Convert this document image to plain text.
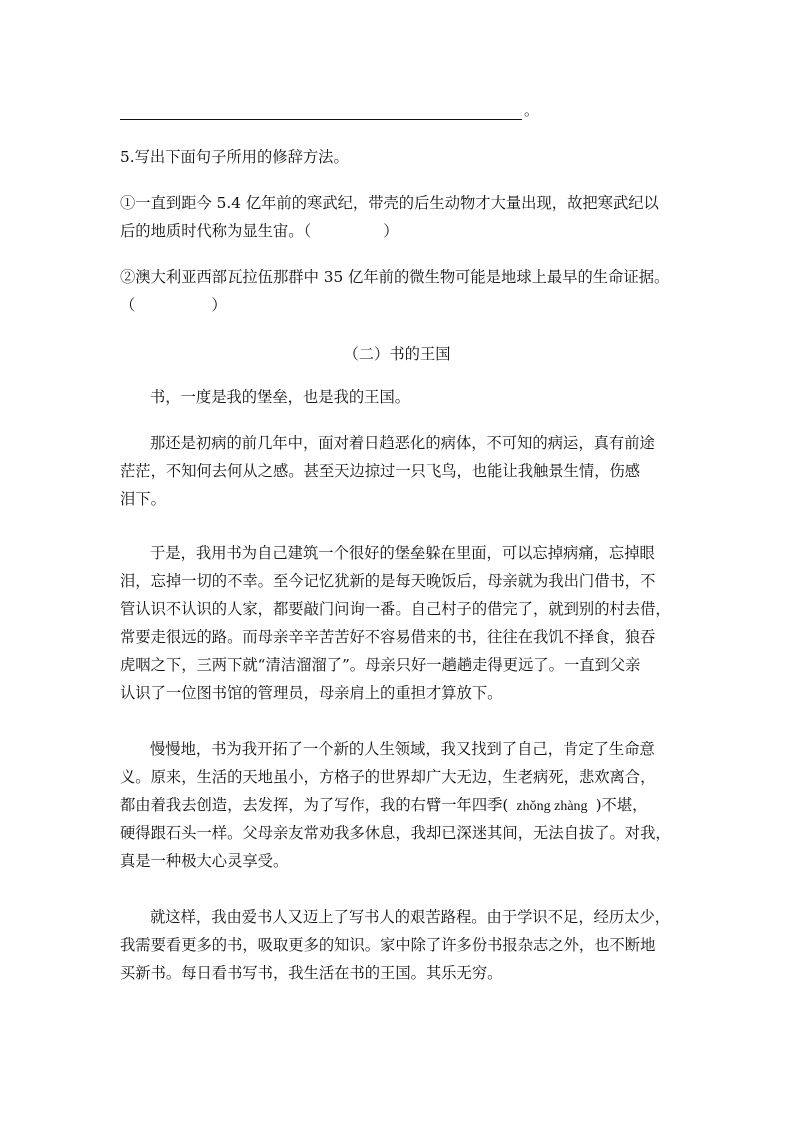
。
5.写出下面句子所用的修辞方法。
①一直到距今 5.4 亿年前的寒武纪，带壳的后生动物才大量出现，故把寒武纪以
后的地质时代称为显生宙。（	）
②澳大利亚西部瓦拉伍那群中 35 亿年前的微生物可能是地球上最早的生命证据。
（	）
（二）书的王国
书，一度是我的堡垒，也是我的王国。
那还是初病的前几年中，面对着日趋恶化的病体，不可知的病运，真有前途
茫茫，不知何去何从之感。甚至天边掠过一只飞鸟，也能让我触景生情，伤感
泪下。
于是，我用书为自己建筑一个很好的堡垒躲在里面，可以忘掉病痛，忘掉眼
泪，忘掉一切的不幸。至今记忆犹新的是每天晚饭后，母亲就为我出门借书，不
管认识不认识的人家，都要敲门问询一番。自己村子的借完了，就到别的村去借，
常要走很远的路。而母亲辛辛苦苦好不容易借来的书，往往在我饥不择食，狼吞
虎咽之下，三两下就“清洁溜溜了”。母亲只好一趟趟走得更远了。一直到父亲
认识了一位图书馆的管理员，母亲肩上的重担才算放下。
慢慢地，书为我开拓了一个新的人生领域，我又找到了自己，肯定了生命意
义。原来，生活的天地虽小，方格子的世界却广大无边，生老病死，悲欢离合，
都由着我去创造，去发挥，为了写作，我的右臂一年四季( zhǒng zhàng )不堪，
硬得跟石头一样。父母亲友常劝我多休息，我却已深迷其间，无法自拔了。对我，
真是一种极大心灵享受。
就这样，我由爱书人又迈上了写书人的艰苦路程。由于学识不足，经历太少，
我需要看更多的书，吸取更多的知识。家中除了许多份书报杂志之外，也不断地
买新书。每日看书写书，我生活在书的王国。其乐无穷。
